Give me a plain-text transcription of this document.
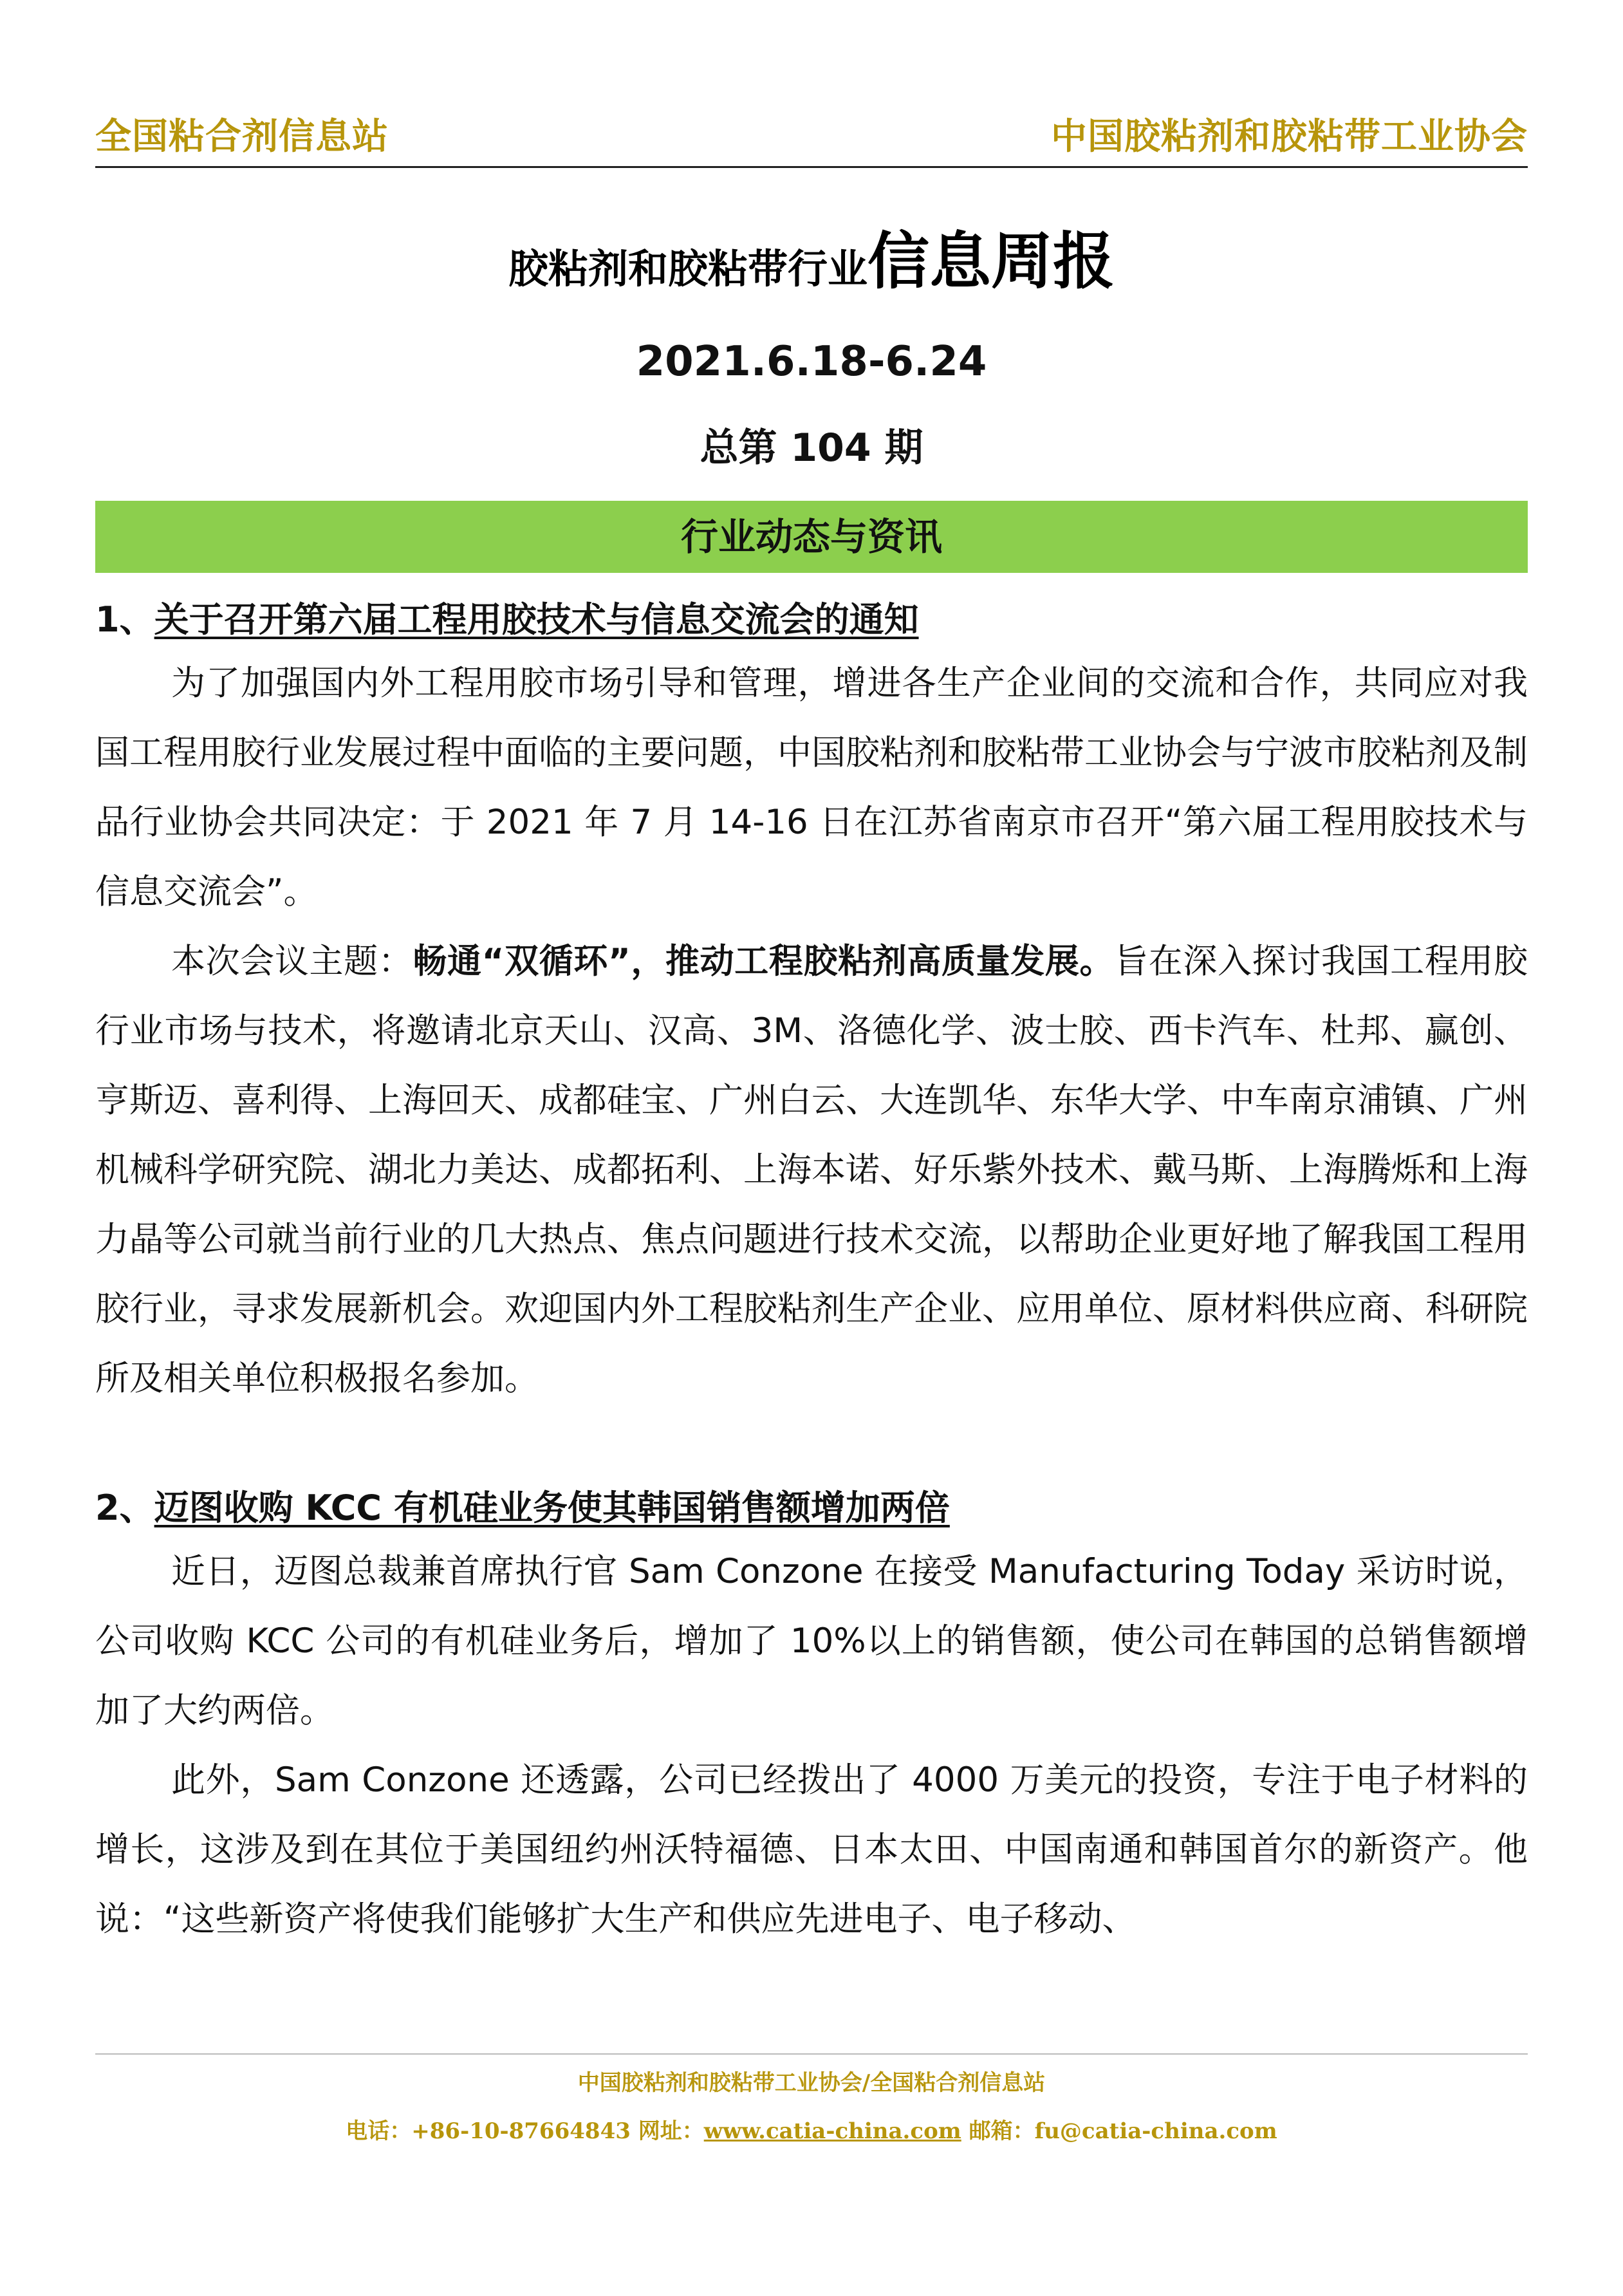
全国粘合剂信息站	中国胶粘剂和胶粘带工业协会
胶粘剂和胶粘带行业信息周报
2021.6.18-6.24
总第 104 期
行业动态与资讯
1、关于召开第六届工程用胶技术与信息交流会的通知

为了加强国内外工程用胶市场引导和管理，增进各生产企业间的交流和合作，共同应对我国工程用胶行业发展过程中面临的主要问题，中国胶粘剂和胶粘带工业协会与宁波市胶粘剂及制品行业协会共同决定：于 2021 年 7 月 14-16 日在江苏省南京市召开“第六届工程用胶技术与信息交流会”。

本次会议主题：畅通“双循环”，推动工程胶粘剂高质量发展。旨在深入探讨我国工程用胶行业市场与技术，将邀请北京天山、汉高、3M、洛德化学、波士胶、西卡汽车、杜邦、赢创、亨斯迈、喜利得、上海回天、成都硅宝、广州白云、大连凯华、东华大学、中车南京浦镇、广州机械科学研究院、湖北力美达、成都拓利、上海本诺、好乐紫外技术、戴马斯、上海腾烁和上海力晶等公司就当前行业的几大热点、焦点问题进行技术交流，以帮助企业更好地了解我国工程用胶行业，寻求发展新机会。欢迎国内外工程胶粘剂生产企业、应用单位、原材料供应商、科研院所及相关单位积极报名参加。

2、迈图收购 KCC 有机硅业务使其韩国销售额增加两倍

近日，迈图总裁兼首席执行官 Sam Conzone 在接受 Manufacturing Today 采访时说，公司收购 KCC 公司的有机硅业务后，增加了 10%以上的销售额，使公司在韩国的总销售额增加了大约两倍。

此外，Sam Conzone 还透露，公司已经拨出了 4000 万美元的投资，专注于电子材料的增长，这涉及到在其位于美国纽约州沃特福德、日本太田、中国南通和韩国首尔的新资产。他说：“这些新资产将使我们能够扩大生产和供应先进电子、电子移动、

中国胶粘剂和胶粘带工业协会/全国粘合剂信息站
电话：+86-10-87664843 网址：www.catia-china.com 邮箱：fu@catia-china.com
